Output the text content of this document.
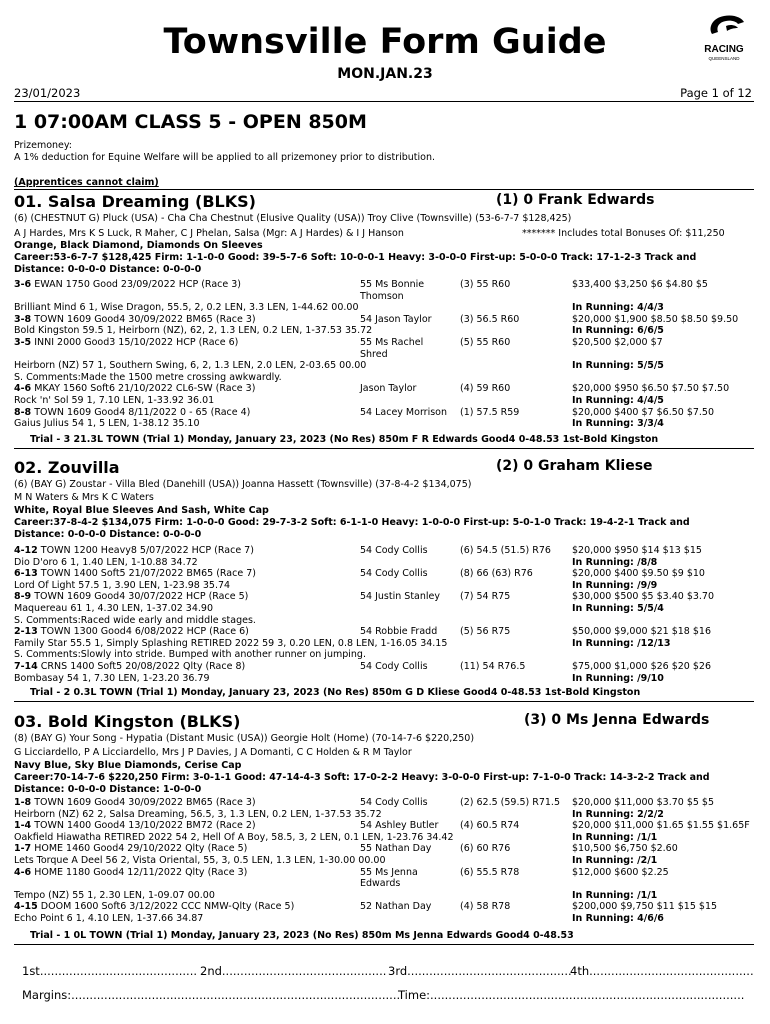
Townsville Form Guide
MON.JAN.23
RACING
QUEENSLAND
23/01/2023	Page 1 of 12
1 07:00AM CLASS 5 - OPEN 850M
Prizemoney:
A 1% deduction for Equine Welfare will be applied to all prizemoney prior to distribution.
(Apprentices cannot claim)
01. Salsa Dreaming (BLKS)	(1) 0 Frank Edwards
(6) (CHESTNUT G) Pluck (USA) - Cha Cha Chestnut (Elusive Quality (USA)) Troy Clive (Townsville) (53-6-7-7 $128,425)
A J Hardes, Mrs K S Luck, R Maher, C J Phelan, Salsa (Mgr: A J Hardes) & I J Hanson	******* Includes total Bonuses Of: $11,250
Orange, Black Diamond, Diamonds On Sleeves
Career:53-6-7-7 $128,425 Firm: 1-1-0-0 Good: 39-5-7-6 Soft: 10-0-0-1 Heavy: 3-0-0-0 First-up: 5-0-0-0 Track: 17-1-2-3 Track and
Distance: 0-0-0-0 Distance: 0-0-0-0
3-6 EWAN 1750 Good 23/09/2022 HCP (Race 3)	55 Ms Bonnie	(3) 55 R60	$33,400 $3,250 $6 $4.80 $5
Thomson
Brilliant Mind 6 1, Wise Dragon, 55.5, 2, 0.2 LEN, 3.3 LEN, 1-44.62 00.00	In Running: 4/4/3
3-8 TOWN 1609 Good4 30/09/2022 BM65 (Race 3)	54 Jason Taylor	(3) 56.5 R60	$20,000 $1,900 $8.50 $8.50 $9.50
Bold Kingston 59.5 1, Heirborn (NZ), 62, 2, 1.3 LEN, 0.2 LEN, 1-37.53 35.72	In Running: 6/6/5
3-5 INNI 2000 Good3 15/10/2022 HCP (Race 6)	55 Ms Rachel	(5) 55 R60	$20,500 $2,000 $7
Shred
Heirborn (NZ) 57 1, Southern Swing, 6, 2, 1.3 LEN, 2.0 LEN, 2-03.65 00.00	In Running: 5/5/5
S. Comments:Made the 1500 metre crossing awkwardly.
4-6 MKAY 1560 Soft6 21/10/2022 CL6-SW (Race 3)	Jason Taylor	(4) 59 R60	$20,000 $950 $6.50 $7.50 $7.50
Rock 'n' Sol 59 1, 7.10 LEN, 1-33.92 36.01	In Running: 4/4/5
8-8 TOWN 1609 Good4 8/11/2022 0 - 65 (Race 4)	54 Lacey Morrison (1) 57.5 R59	$20,000 $400 $7 $6.50 $7.50
Gaius Julius 54 1, 5 LEN, 1-38.12 35.10	In Running: 3/3/4
Trial - 3 21.3L TOWN (Trial 1) Monday, January 23, 2023 (No Res) 850m F R Edwards Good4 0-48.53 1st-Bold Kingston
02. Zouvilla	(2) 0 Graham Kliese
(6) (BAY G) Zoustar - Villa Bled (Danehill (USA)) Joanna Hassett (Townsville) (37-8-4-2 $134,075)
M N Waters & Mrs K C Waters
White, Royal Blue Sleeves And Sash, White Cap
Career:37-8-4-2 $134,075 Firm: 1-0-0-0 Good: 29-7-3-2 Soft: 6-1-1-0 Heavy: 1-0-0-0 First-up: 5-0-1-0 Track: 19-4-2-1 Track and
Distance: 0-0-0-0 Distance: 0-0-0-0
4-12 TOWN 1200 Heavy8 5/07/2022 HCP (Race 7)	54 Cody Collis	(6) 54.5 (51.5) R76 $20,000 $950 $14 $13 $15
Dio D'oro 6 1, 1.40 LEN, 1-10.88 34.72	In Running: /8/8
6-13 TOWN 1400 Soft5 21/07/2022 BM65 (Race 7)	54 Cody Collis	(8) 66 (63) R76	$20,000 $400 $9.50 $9 $10
Lord Of Light 57.5 1, 3.90 LEN, 1-23.98 35.74	In Running: /9/9
8-9 TOWN 1609 Good4 30/07/2022 HCP (Race 5)	54 Justin Stanley (7) 54 R75	$30,000 $500 $5 $3.40 $3.70
Maquereau 61 1, 4.30 LEN, 1-37.02 34.90	In Running: 5/5/4
S. Comments:Raced wide early and middle stages.
2-13 TOWN 1300 Good4 6/08/2022 HCP (Race 6)	54 Robbie Fradd (5) 56 R75	$50,000 $9,000 $21 $18 $16
Family Star 55.5 1, Simply Splashing RETIRED 2022 59 3, 0.20 LEN, 0.8 LEN, 1-16.05 34.15	In Running: /12/13
S. Comments:Slowly into stride. Bumped with another runner on jumping.
7-14 CRNS 1400 Soft5 20/08/2022 Qlty (Race 8)	54 Cody Collis	(11) 54 R76.5	$75,000 $1,000 $26 $20 $26
Bombasay 54 1, 7.30 LEN, 1-23.20 36.79	In Running: /9/10
Trial - 2 0.3L TOWN (Trial 1) Monday, January 23, 2023 (No Res) 850m G D Kliese Good4 0-48.53 1st-Bold Kingston
03. Bold Kingston (BLKS)	(3) 0 Ms Jenna Edwards
(8) (BAY G) Your Song - Hypatia (Distant Music (USA)) Georgie Holt (Home) (70-14-7-6 $220,250)
G Licciardello, P A Licciardello, Mrs J P Davies, J A Domanti, C C Holden & R M Taylor
Navy Blue, Sky Blue Diamonds, Cerise Cap
Career:70-14-7-6 $220,250 Firm: 3-0-1-1 Good: 47-14-4-3 Soft: 17-0-2-2 Heavy: 3-0-0-0 First-up: 7-1-0-0 Track: 14-3-2-2 Track and
Distance: 0-0-0-0 Distance: 1-0-0-0
1-8 TOWN 1609 Good4 30/09/2022 BM65 (Race 3)	54 Cody Collis	(2) 62.5 (59.5) R71.5 $20,000 $11,000 $3.70 $5 $5
Heirborn (NZ) 62 2, Salsa Dreaming, 56.5, 3, 1.3 LEN, 0.2 LEN, 1-37.53 35.72	In Running: 2/2/2
1-4 TOWN 1400 Good4 13/10/2022 BM72 (Race 2)	54 Ashley Butler (4) 60.5 R74	$20,000 $11,000 $1.65 $1.55 $1.65F
Oakfield Hiawatha RETIRED 2022 54 2, Hell Of A Boy, 58.5, 3, 2 LEN, 0.1 LEN, 1-23.76 34.42	In Running: /1/1
1-7 HOME 1460 Good4 29/10/2022 Qlty (Race 5)	55 Nathan Day	(6) 60 R76	$10,500 $6,750 $2.60
Lets Torque A Deel 56 2, Vista Oriental, 55, 3, 0.5 LEN, 1.3 LEN, 1-30.00 00.00	In Running: /2/1
4-6 HOME 1180 Good4 12/11/2022 Qlty (Race 3)	55 Ms Jenna	(6) 55.5 R78	$12,000 $600 $2.25
Edwards
Tempo (NZ) 55 1, 2.30 LEN, 1-09.07 00.00	In Running: /1/1
4-15 DOOM 1600 Soft6 3/12/2022 CCC NMW-Qlty (Race 5)	52 Nathan Day	(4) 58 R78	$200,000 $9,750 $11 $15 $15
Echo Point 6 1, 4.10 LEN, 1-37.66 34.87	In Running: 4/6/6
Trial - 1 0L TOWN (Trial 1) Monday, January 23, 2023 (No Res) 850m Ms Jenna Edwards Good4 0-48.53
1st........................................... 2nd............................................. 3rd.............................................
4th.............................................
Margins:..........................................................................................
Time:......................................................................................
